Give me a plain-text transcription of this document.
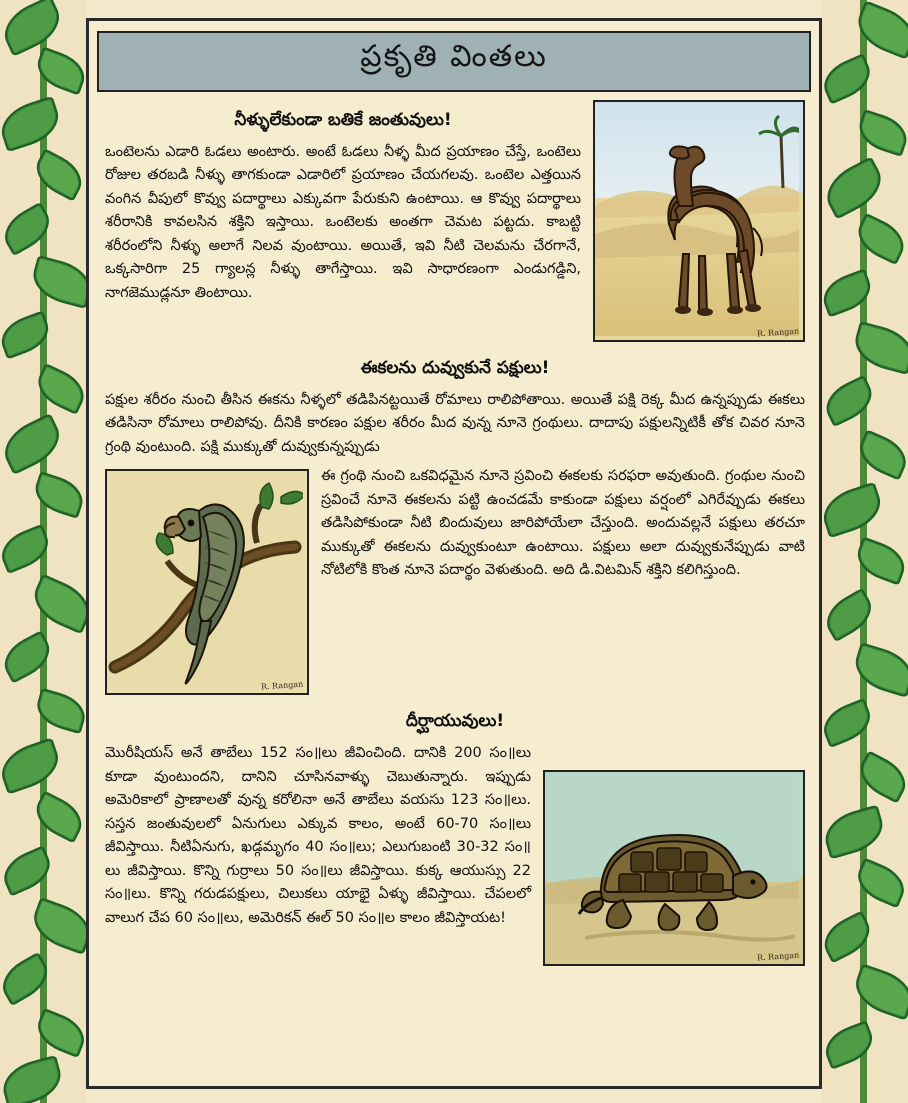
ప్రకృతి వింతలు
R. Rangan
నీళ్ళులేకుండా బతికే జంతువులు!

ఒంటెలను ఎడారి ఓడలు అంటారు. అంటే ఓడలు నీళ్ళ మీద ప్రయాణం చేస్తే, ఒంటెలు రోజుల తరబడి నీళ్ళు తాగకుండా ఎడారిలో ప్రయాణం చేయగలవు. ఒంటెల ఎత్తయిన వంగిన వీపులో కొవ్వు పదార్థాలు ఎక్కువగా పేరుకుని ఉంటాయి. ఆ కొవ్వు పదార్థాలు శరీరానికి కావలసిన శక్తిని ఇస్తాయి. ఒంటెలకు అంతగా చెమట పట్టదు. కాబట్టి శరీరంలోని నీళ్ళు అలాగే నిలవ వుంటాయి. అయితే, ఇవి నీటి చెలమను చేరగానే, ఒక్కసారిగా 25 గ్యాలన్ల నీళ్ళు తాగేస్తాయి. ఇవి సాధారణంగా ఎండుగడ్డిని, నాగజెముడ్లనూ తింటాయి.

ఈకలను దువ్వుకునే పక్షులు!

పక్షుల శరీరం నుంచి తీసిన ఈకను నీళ్ళలో తడిపినట్టయితే రోమాలు రాలిపోతాయి. అయితే పక్షి రెక్క మీద ఉన్నప్పుడు ఈకలు తడిసినా రోమాలు రాలిపోవు. దీనికి కారణం పక్షుల శరీరం మీద వున్న నూనె గ్రంథులు. దాదాపు పక్షులన్నిటికీ తోక చివర నూనె గ్రంథి వుంటుంది. పక్షి ముక్కుతో దువ్వుకున్నప్పుడు

R. Rangan

ఈ గ్రంథి నుంచి ఒకవిధమైన నూనె స్రవించి ఈకలకు సరఫరా అవుతుంది. గ్రంథుల నుంచి స్రవించే నూనె ఈకలను పట్టి ఉంచడమే కాకుండా పక్షులు వర్షంలో ఎగిరేవ్పుడు ఈకలు తడిసిపోకుండా నీటి బిందువులు జారిపోయేలా చేస్తుంది. అందువల్లనే పక్షులు తరచూ ముక్కుతో ఈకలను దువ్వుకుంటూ ఉంటాయి. పక్షులు అలా దువ్వుకునేప్పుడు వాటి నోటిలోకి కొంత నూనె పదార్థం వెళుతుంది. అది డి.విటమిన్ శక్తిని కలిగిస్తుంది.

దీర్ఘాయువులు!
R. Rangan

మొరీషియస్ అనే తాబేలు 152 సం॥లు జీవించింది. దానికి 200 సం॥లు కూడా వుంటుందని, దానిని చూసినవాళ్ళు చెబుతున్నారు. ఇప్పుడు అమెరికాలో ప్రాణాలతో వున్న కరోలినా అనే తాబేలు వయసు 123 సం॥లు. సస్తన జంతువులలో ఏనుగులు ఎక్కువ కాలం, అంటే 60-70 సం॥లు జీవిస్తాయి. నీటిఏనుగు, ఖడ్గమృగం 40 సం॥లు; ఎలుగుబంటి 30-32 సం॥లు జీవిస్తాయి. కొన్ని గుర్రాలు 50 సం॥లు జీవిస్తాయి. కుక్క ఆయుస్సు 22 సం॥లు. కొన్ని గరుడపక్షులు, చిలుకలు యాభై ఏళ్ళు జీవిస్తాయి. చేపలలో వాలుగ చేప 60 సం॥లు, అమెరికన్ ఈల్ 50 సం॥ల కాలం జీవిస్తాయట!
